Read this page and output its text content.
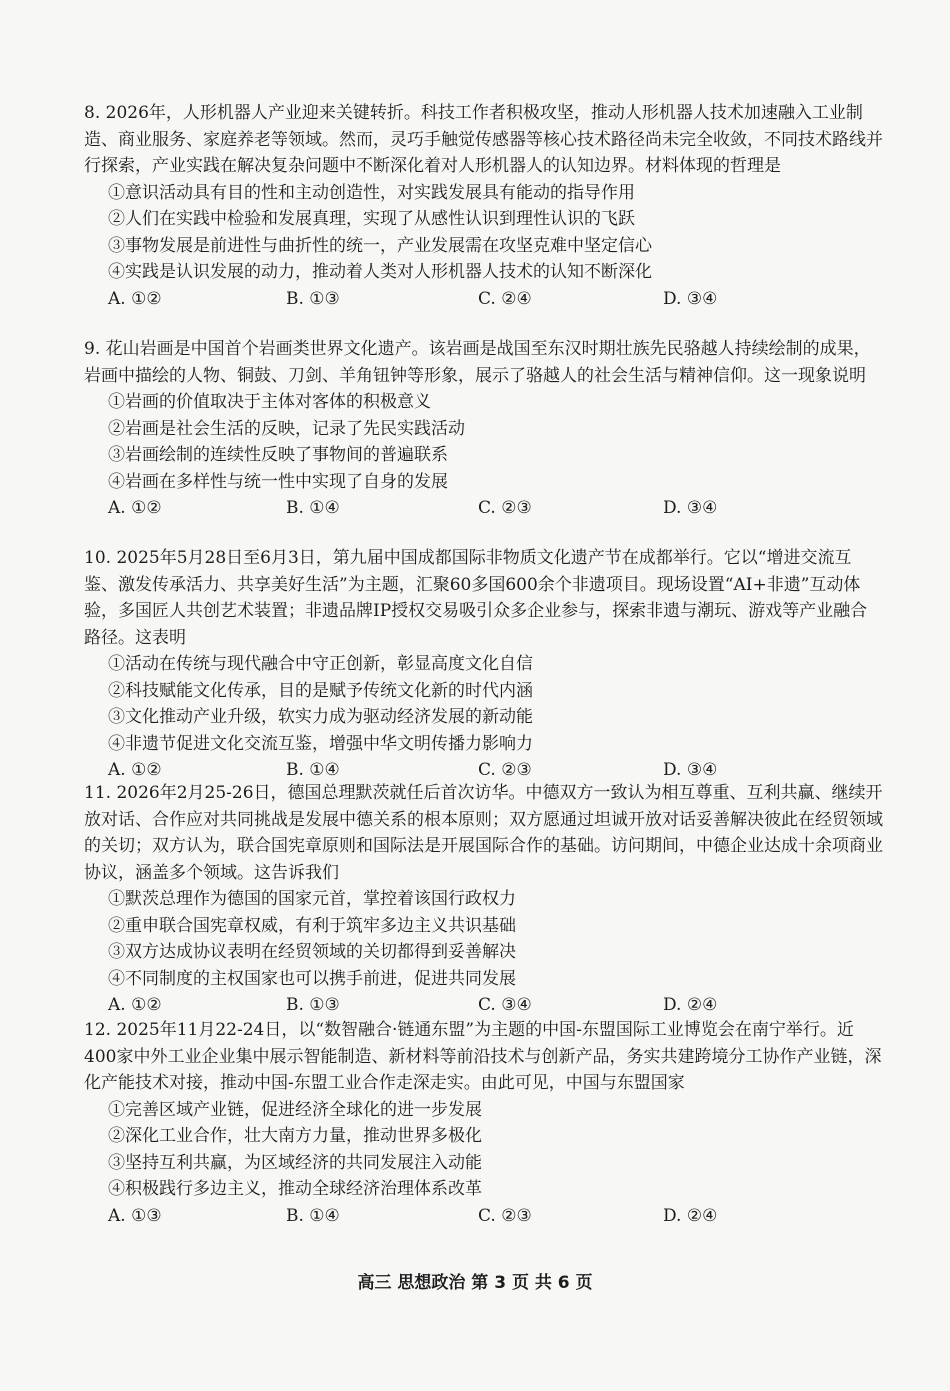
8. 2026年，人形机器人产业迎来关键转折。科技工作者积极攻坚，推动人形机器人技术加速融入工业制造、商业服务、家庭养老等领域。然而，灵巧手触觉传感器等核心技术路径尚未完全收敛，不同技术路线并行探索，产业实践在解决复杂问题中不断深化着对人形机器人的认知边界。材料体现的哲理是

①意识活动具有目的性和主动创造性，对实践发展具有能动的指导作用

②人们在实践中检验和发展真理，实现了从感性认识到理性认识的飞跃

③事物发展是前进性与曲折性的统一，产业发展需在攻坚克难中坚定信心

④实践是认识发展的动力，推动着人类对人形机器人技术的认知不断深化

A. ①②	B. ①③	C. ②④	D. ③④

9. 花山岩画是中国首个岩画类世界文化遗产。该岩画是战国至东汉时期壮族先民骆越人持续绘制的成果，岩画中描绘的人物、铜鼓、刀剑、羊角钮钟等形象，展示了骆越人的社会生活与精神信仰。这一现象说明

①岩画的价值取决于主体对客体的积极意义

②岩画是社会生活的反映，记录了先民实践活动

③岩画绘制的连续性反映了事物间的普遍联系

④岩画在多样性与统一性中实现了自身的发展

A. ①②	B. ①④	C. ②③	D. ③④

10. 2025年5月28日至6月3日，第九届中国成都国际非物质文化遗产节在成都举行。它以“增进交流互鉴、激发传承活力、共享美好生活”为主题，汇聚60多国600余个非遗项目。现场设置“AI+非遗”互动体验，多国匠人共创艺术装置；非遗品牌IP授权交易吸引众多企业参与，探索非遗与潮玩、游戏等产业融合路径。这表明

①活动在传统与现代融合中守正创新，彰显高度文化自信

②科技赋能文化传承，目的是赋予传统文化新的时代内涵

③文化推动产业升级，软实力成为驱动经济发展的新动能

④非遗节促进文化交流互鉴，增强中华文明传播力影响力

A. ①②	B. ①④	C. ②③	D. ③④

11. 2026年2月25-26日，德国总理默茨就任后首次访华。中德双方一致认为相互尊重、互利共赢、继续开放对话、合作应对共同挑战是发展中德关系的根本原则；双方愿通过坦诚开放对话妥善解决彼此在经贸领域的关切；双方认为，联合国宪章原则和国际法是开展国际合作的基础。访问期间，中德企业达成十余项商业协议，涵盖多个领域。这告诉我们

①默茨总理作为德国的国家元首，掌控着该国行政权力

②重申联合国宪章权威，有利于筑牢多边主义共识基础

③双方达成协议表明在经贸领域的关切都得到妥善解决

④不同制度的主权国家也可以携手前进，促进共同发展

A. ①②	B. ①③	C. ③④	D. ②④

12. 2025年11月22-24日，以“数智融合·链通东盟”为主题的中国-东盟国际工业博览会在南宁举行。近400家中外工业企业集中展示智能制造、新材料等前沿技术与创新产品，务实共建跨境分工协作产业链，深化产能技术对接，推动中国-东盟工业合作走深走实。由此可见，中国与东盟国家

①完善区域产业链，促进经济全球化的进一步发展

②深化工业合作，壮大南方力量，推动世界多极化

③坚持互利共赢，为区域经济的共同发展注入动能

④积极践行多边主义，推动全球经济治理体系改革

A. ①③	B. ①④	C. ②③	D. ②④
高三 思想政治 第 3 页 共 6 页
